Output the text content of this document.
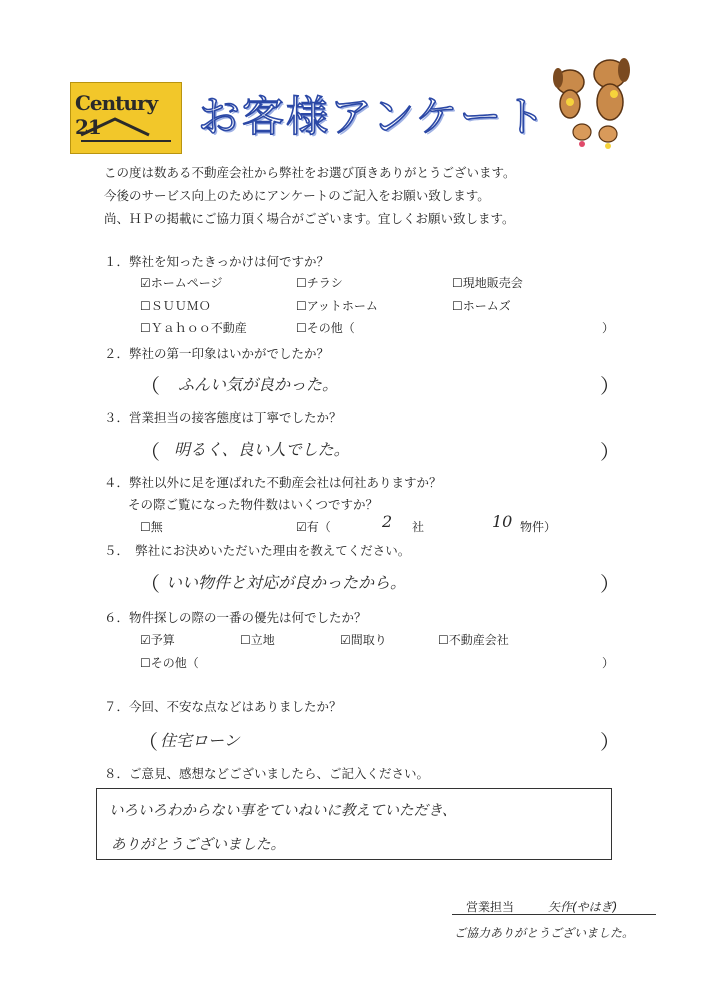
Century 21	お客様アンケート
この度は数ある不動産会社から弊社をお選び頂きありがとうございます。
今後のサービス向上のためにアンケートのご記入をお願い致します。
尚、ＨＰの掲載にご協力頂く場合がございます。宜しくお願い致します。
１．弊社を知ったきっかけは何ですか？
☑ホームページ	☐チラシ	☐現地販売会
☐ＳＵＵＭＯ	☐アットホーム	☐ホームズ
☐Ｙａｈｏｏ不動産	☐その他（	）
２．弊社の第一印象はいかがでしたか？
（ ふんい気が良かった。	）
３．営業担当の接客態度は丁寧でしたか？
（ 明るく、良い人でした。	）
４．弊社以外に足を運ばれた不動産会社は何社ありますか？
その際ご覧になった物件数はいくつですか？
☐無	☑有（	2 社	10 物件）
５．　弊社にお決めいただいた理由を教えてください。
（ いい物件と対応が良かったから。	）
６．物件探しの際の一番の優先は何でしたか？
☑予算	☐立地	☑間取り	☐不動産会社
☐その他（	）
７．今回、不安な点などはありましたか？
（ 住宅ローン	）
８．ご意見、感想などございましたら、ご記入ください。
いろいろわからない事をていねいに教えていただき、
ありがとうございました。
営業担当	矢作(やはぎ)
ご協力ありがとうございました。
